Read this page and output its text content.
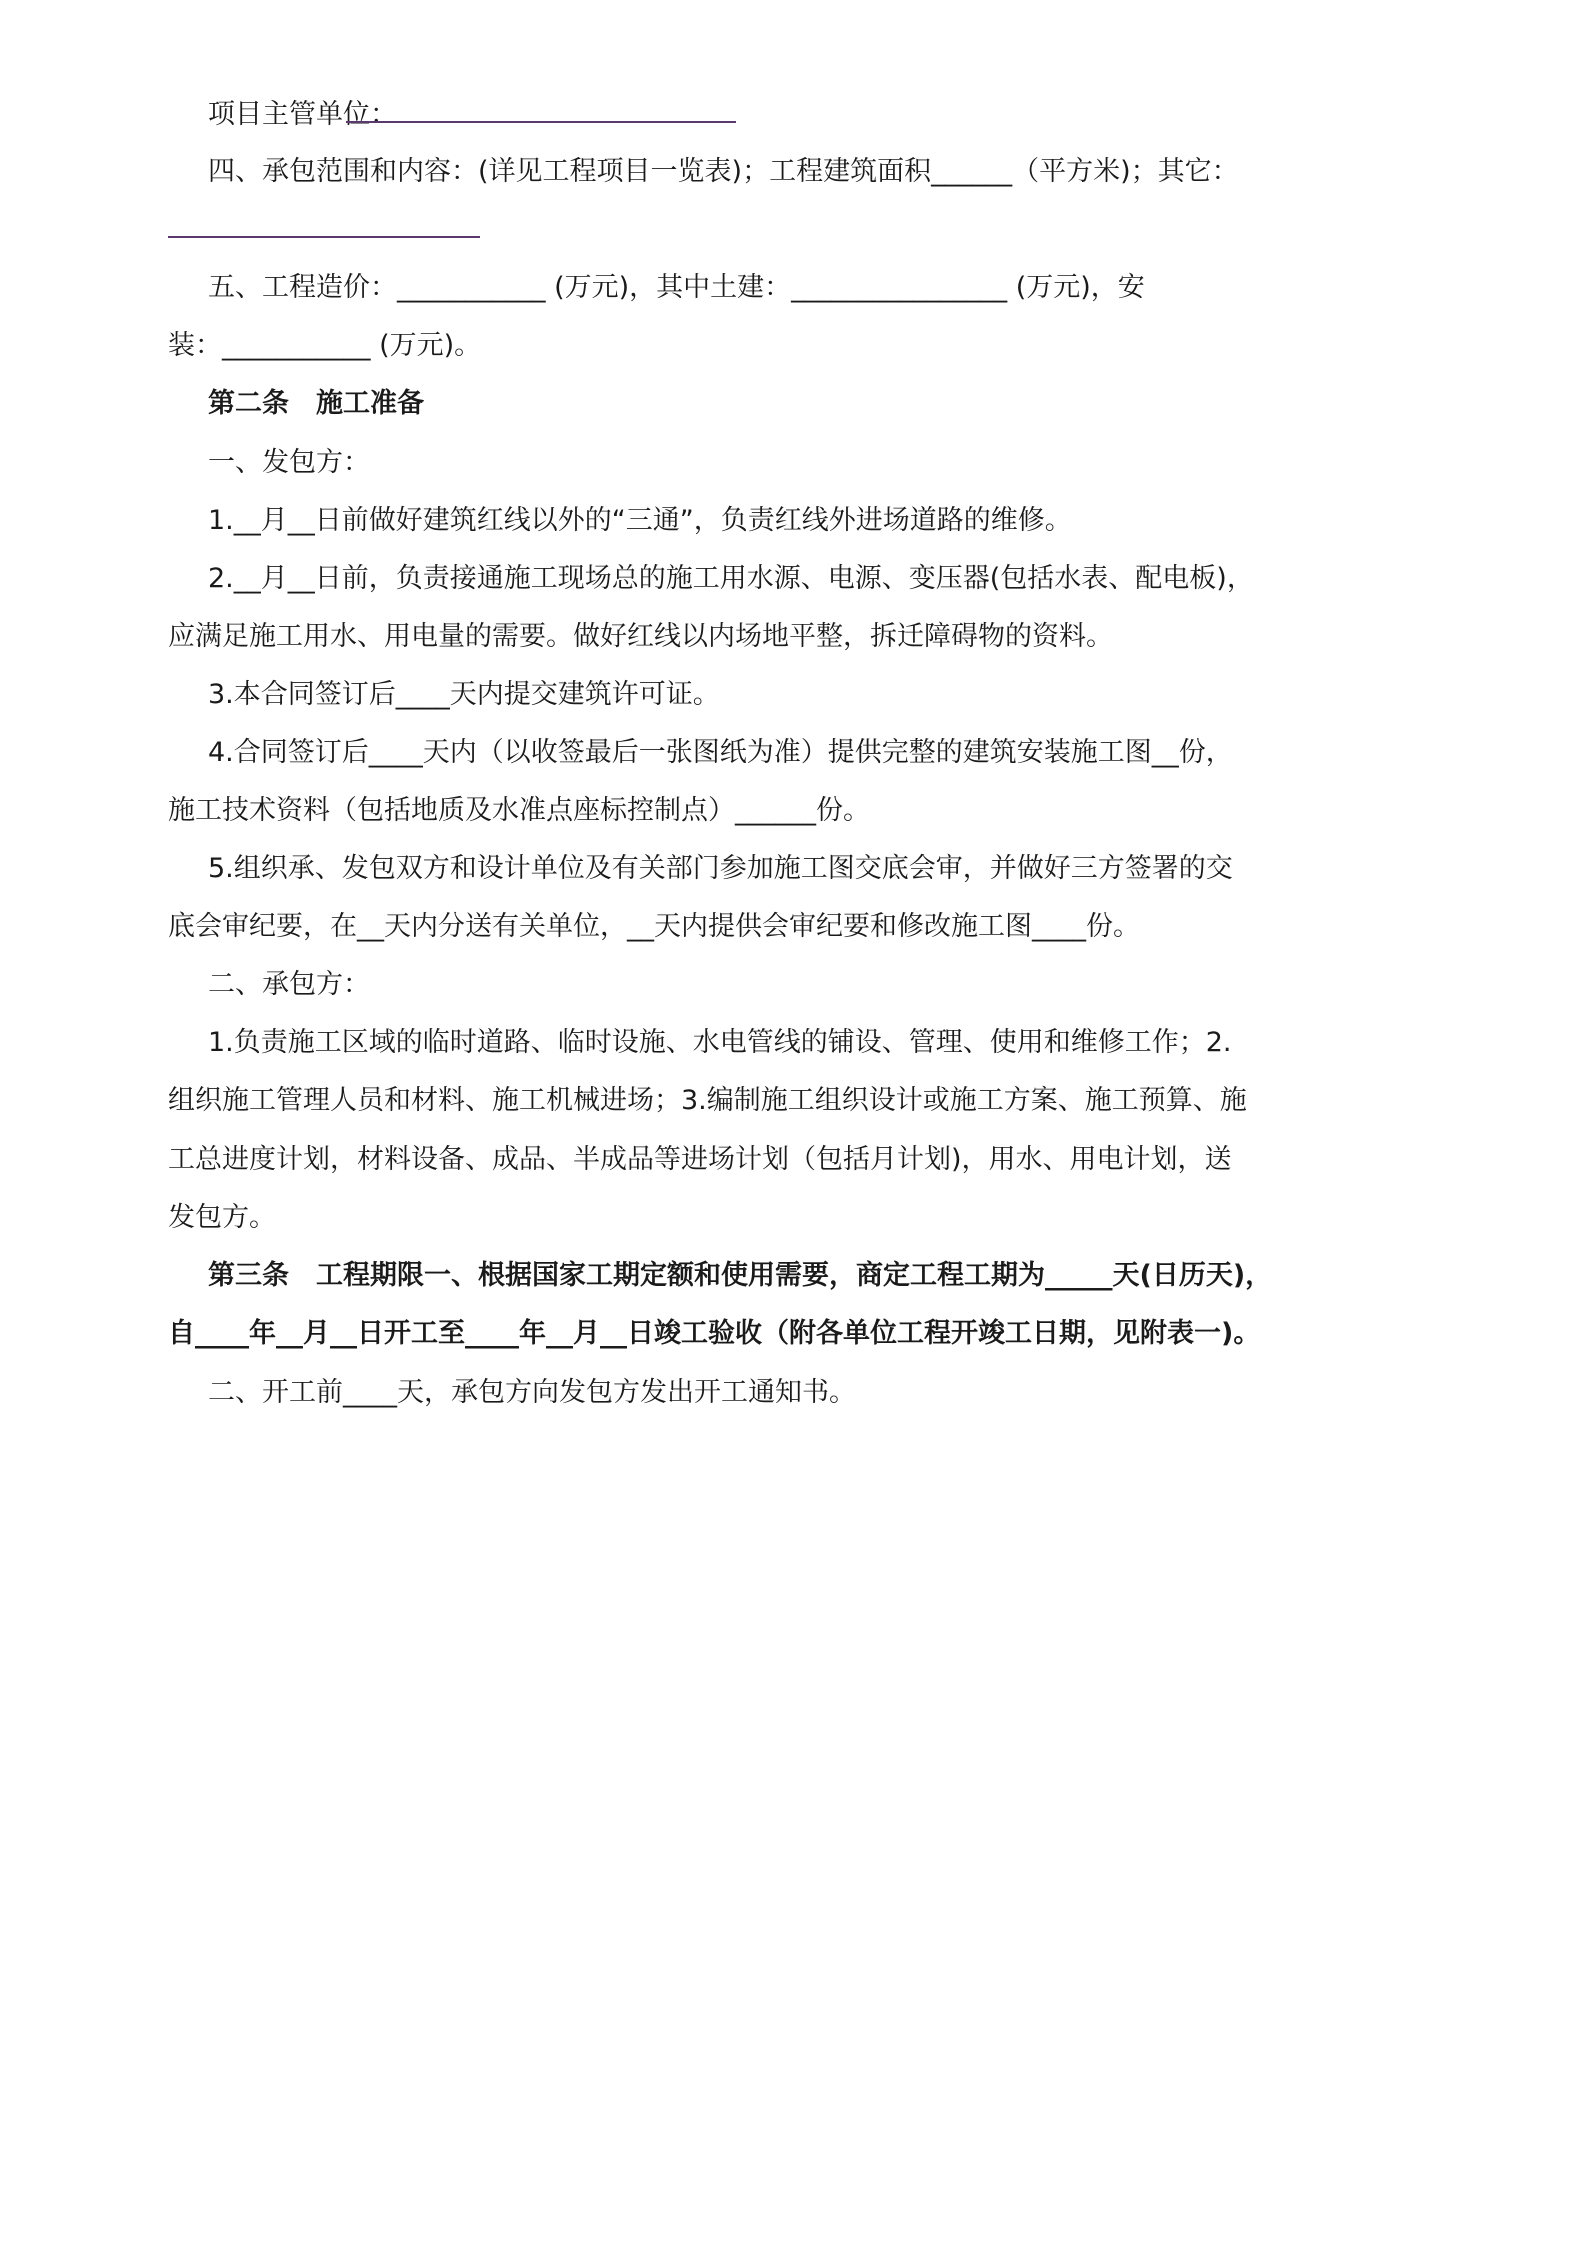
项目主管单位：

四、承包范围和内容：(详见工程项目一览表)；工程建筑面积______（平方米)；其它：

五、工程造价：___________ (万元)，其中土建：________________ (万元)，安

装：___________ (万元)。

第二条　施工准备

一、发包方：

1.__月__日前做好建筑红线以外的“三通”，负责红线外进场道路的维修。

2.__月__日前，负责接通施工现场总的施工用水源、电源、变压器(包括水表、配电板)，

应满足施工用水、用电量的需要。做好红线以内场地平整，拆迁障碍物的资料。

3.本合同签订后____天内提交建筑许可证。

4.合同签订后____天内（以收签最后一张图纸为准）提供完整的建筑安装施工图__份，

施工技术资料（包括地质及水准点座标控制点）______份。

5.组织承、发包双方和设计单位及有关部门参加施工图交底会审，并做好三方签署的交

底会审纪要，在__天内分送有关单位，__天内提供会审纪要和修改施工图____份。

二、承包方：

1.负责施工区域的临时道路、临时设施、水电管线的铺设、管理、使用和维修工作；2.

组织施工管理人员和材料、施工机械进场；3.编制施工组织设计或施工方案、施工预算、施

工总进度计划，材料设备、成品、半成品等进场计划（包括月计划)，用水、用电计划，送

发包方。

第三条　工程期限一、根据国家工期定额和使用需要，商定工程工期为_____天(日历天)，

自____年__月__日开工至____年__月__日竣工验收（附各单位工程开竣工日期，见附表一)。

二、开工前____天，承包方向发包方发出开工通知书。
